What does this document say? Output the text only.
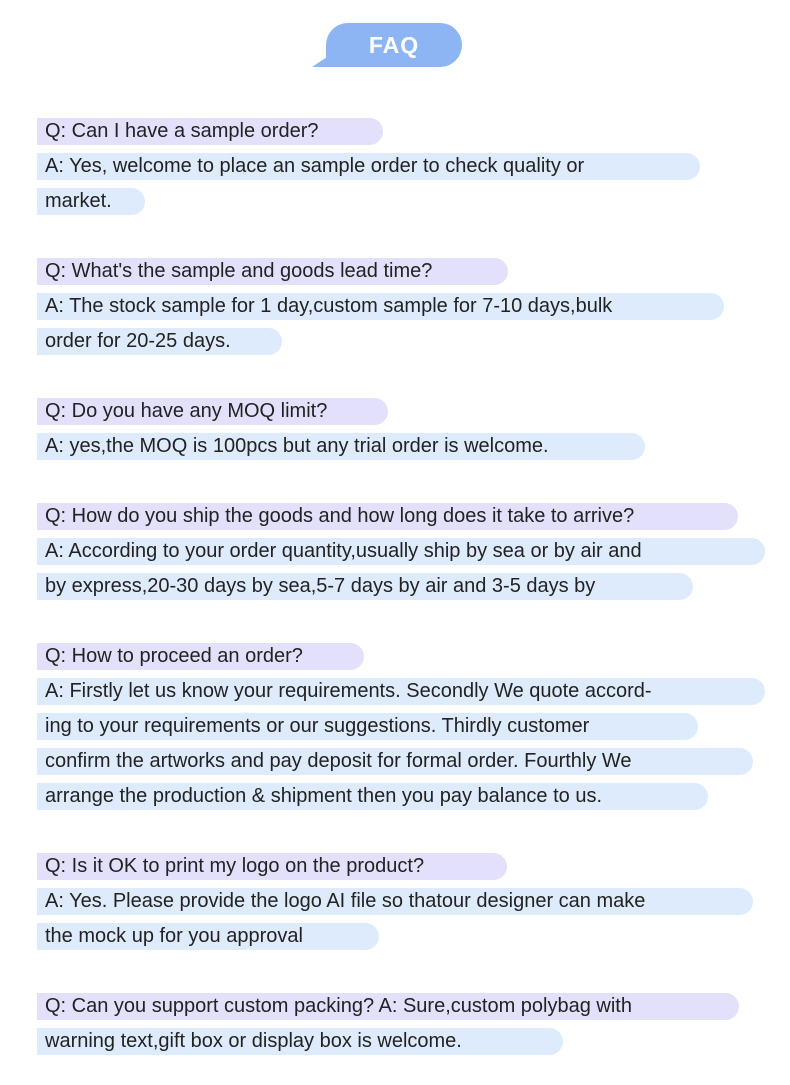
FAQ
Q: Can I have a sample order?
A: Yes, welcome to place an sample order to check quality or
market.
Q: What's the sample and goods lead time?
A: The stock sample for 1 day,custom sample for 7-10 days,bulk
order for 20-25 days.
Q: Do you have any MOQ limit?
A: yes,the MOQ is 100pcs but any trial order is welcome.
Q: How do you ship the goods and how long does it take to arrive?
A: According to your order quantity,usually ship by sea or by air and
by express,20-30 days by sea,5-7 days by air and 3-5 days by
Q: How to proceed an order?
A: Firstly let us know your requirements. Secondly We quote accord-
ing to your requirements or our suggestions. Thirdly customer
confirm the artworks and pay deposit for formal order. Fourthly We
arrange the production & shipment then you pay balance to us.
Q: Is it OK to print my logo on the product?
A: Yes. Please provide the logo AI file so thatour designer can make
the mock up for you approval
Q: Can you support custom packing? A: Sure,custom polybag with
warning text,gift box or display box is welcome.
